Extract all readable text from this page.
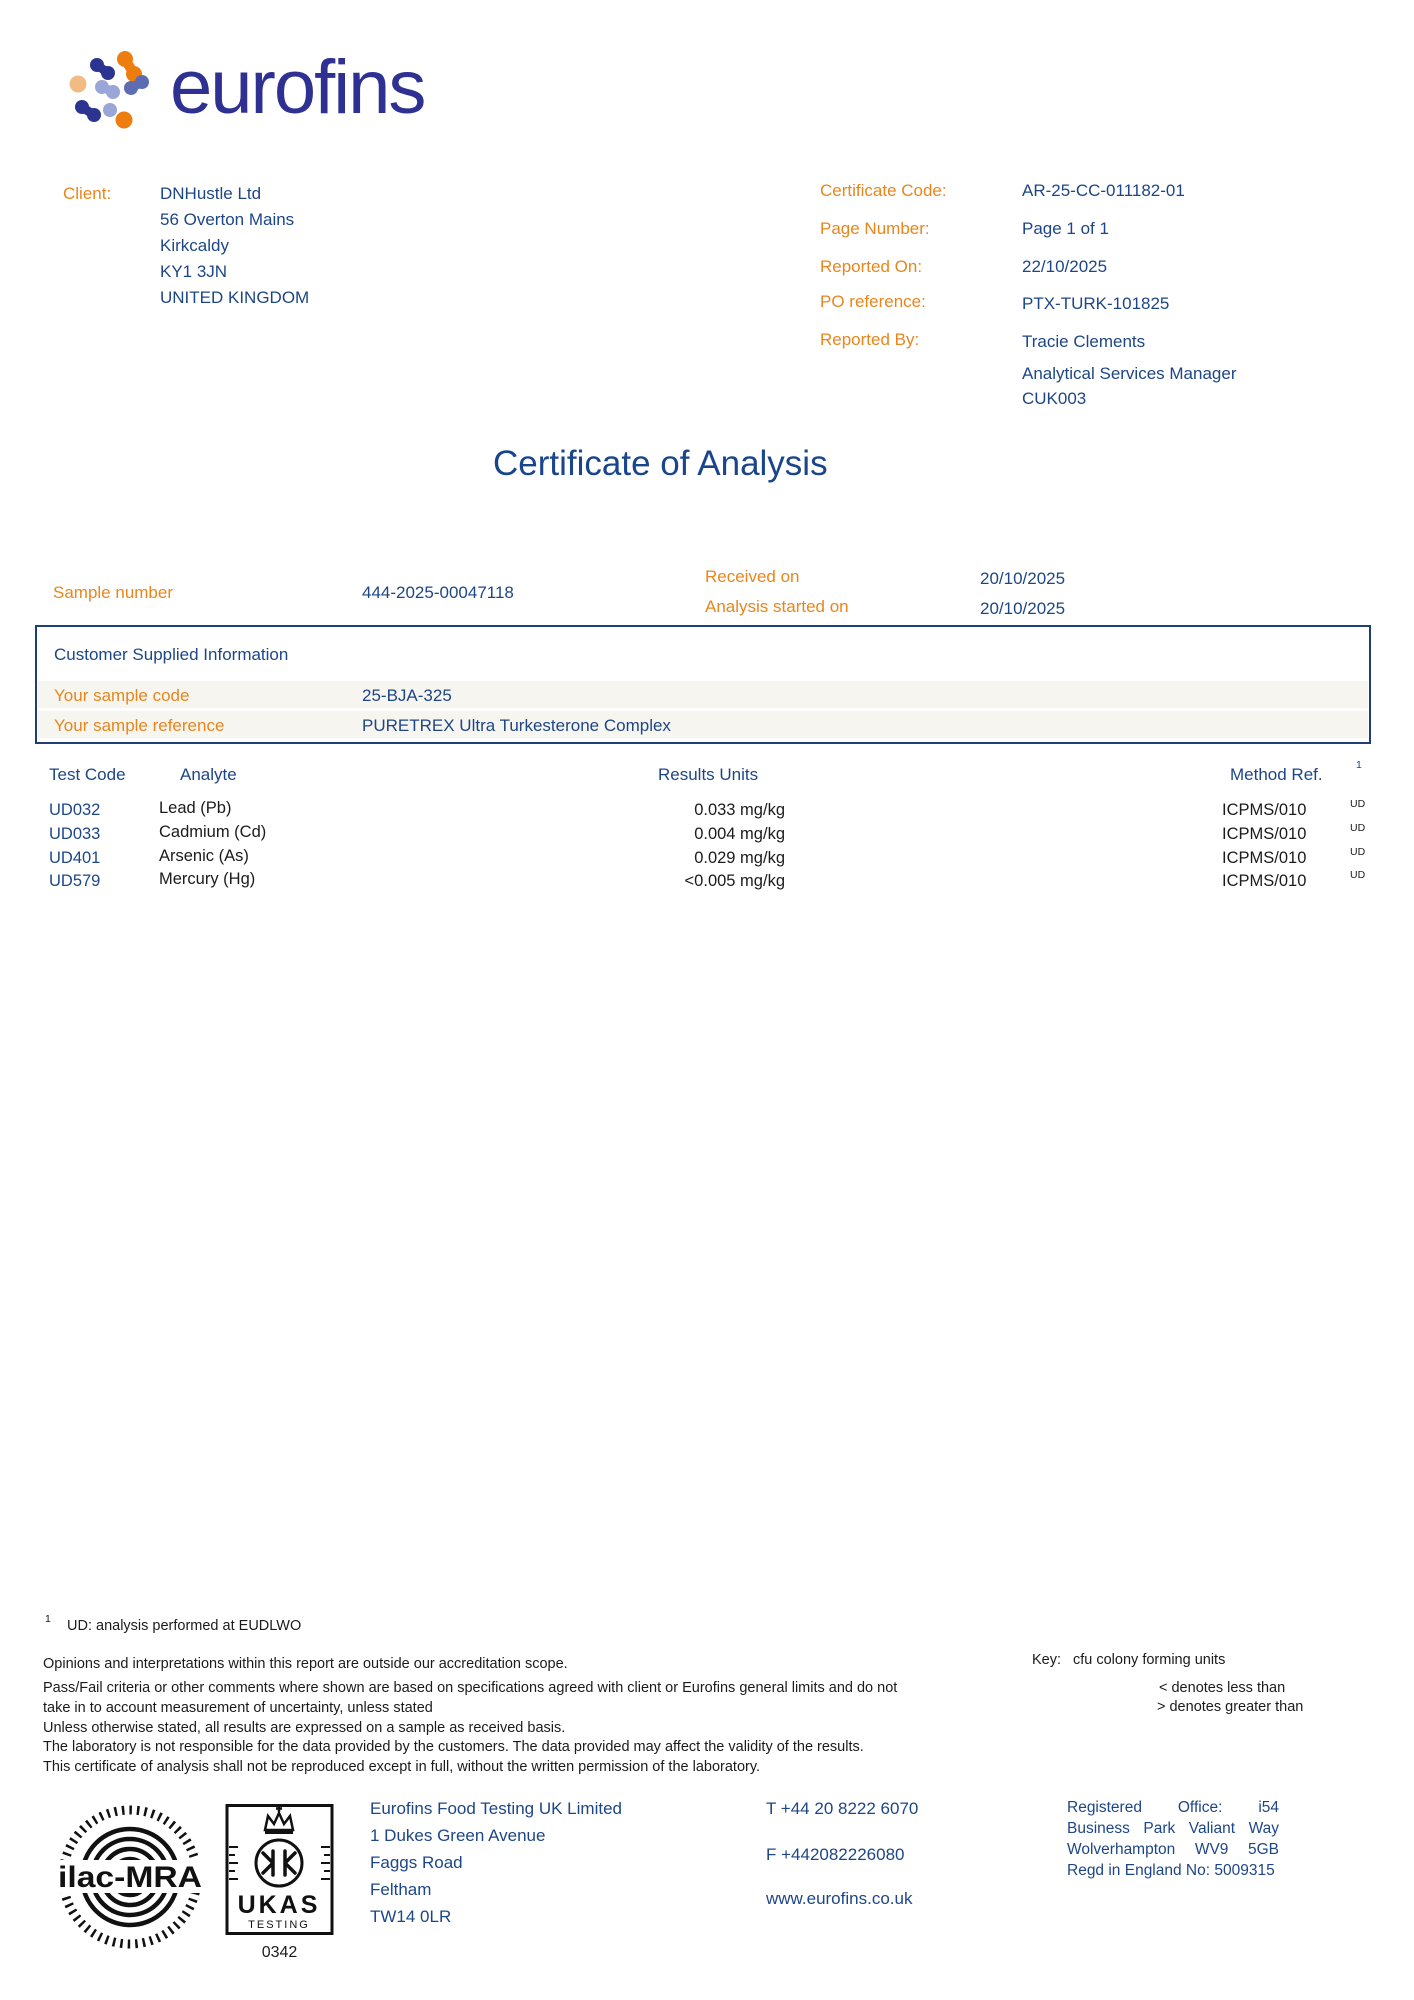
eurofins
Client:	DNHustle Ltd
56 Overton Mains
Kirkcaldy
KY1 3JN
UNITED KINGDOM
Certificate Code:	AR-25-CC-011182-01
Page Number:	Page 1 of 1
Reported On:	22/10/2025
PO reference:	PTX-TURK-101825
Reported By:	Tracie Clements
Analytical Services Manager
CUK003
Certificate of Analysis
Sample number	444-2025-00047118
Received on	20/10/2025
Analysis started on	20/10/2025
Customer Supplied Information
Your sample code	25-BJA-325
Your sample reference	PURETREX Ultra Turkesterone Complex
Test Code	Analyte	Results Units	Method Ref.	1
UD032	Lead (Pb)	0.033 mg/kg	ICPMS/010	UD
UD033	Cadmium (Cd)	0.004 mg/kg	ICPMS/010	UD
UD401	Arsenic (As)	0.029 mg/kg	ICPMS/010	UD
UD579	Mercury (Hg)	<0.005 mg/kg	ICPMS/010	UD
1 UD: analysis performed at EUDLWO
Opinions and interpretations within this report are outside our accreditation scope.
Pass/Fail criteria or other comments where shown are based on specifications agreed with client or Eurofins general limits and do not
take in to account measurement of uncertainty, unless stated
Unless otherwise stated, all results are expressed on a sample as received basis.
The laboratory is not responsible for the data provided by the customers. The data provided may affect the validity of the results.
This certificate of analysis shall not be reproduced except in full, without the written permission of the laboratory.
Key: cfu colony forming units
< denotes less than
> denotes greater than
ilac-MRA
UKAS
TESTING
0342
Eurofins Food Testing UK Limited
1 Dukes Green Avenue
Faggs Road
Feltham
TW14 0LR
T +44 20 8222 6070
F +442082226080
www.eurofins.co.uk
Registered Office: i54
Business Park Valiant Way
Wolverhampton WV9 5GB
Regd in England No: 5009315
